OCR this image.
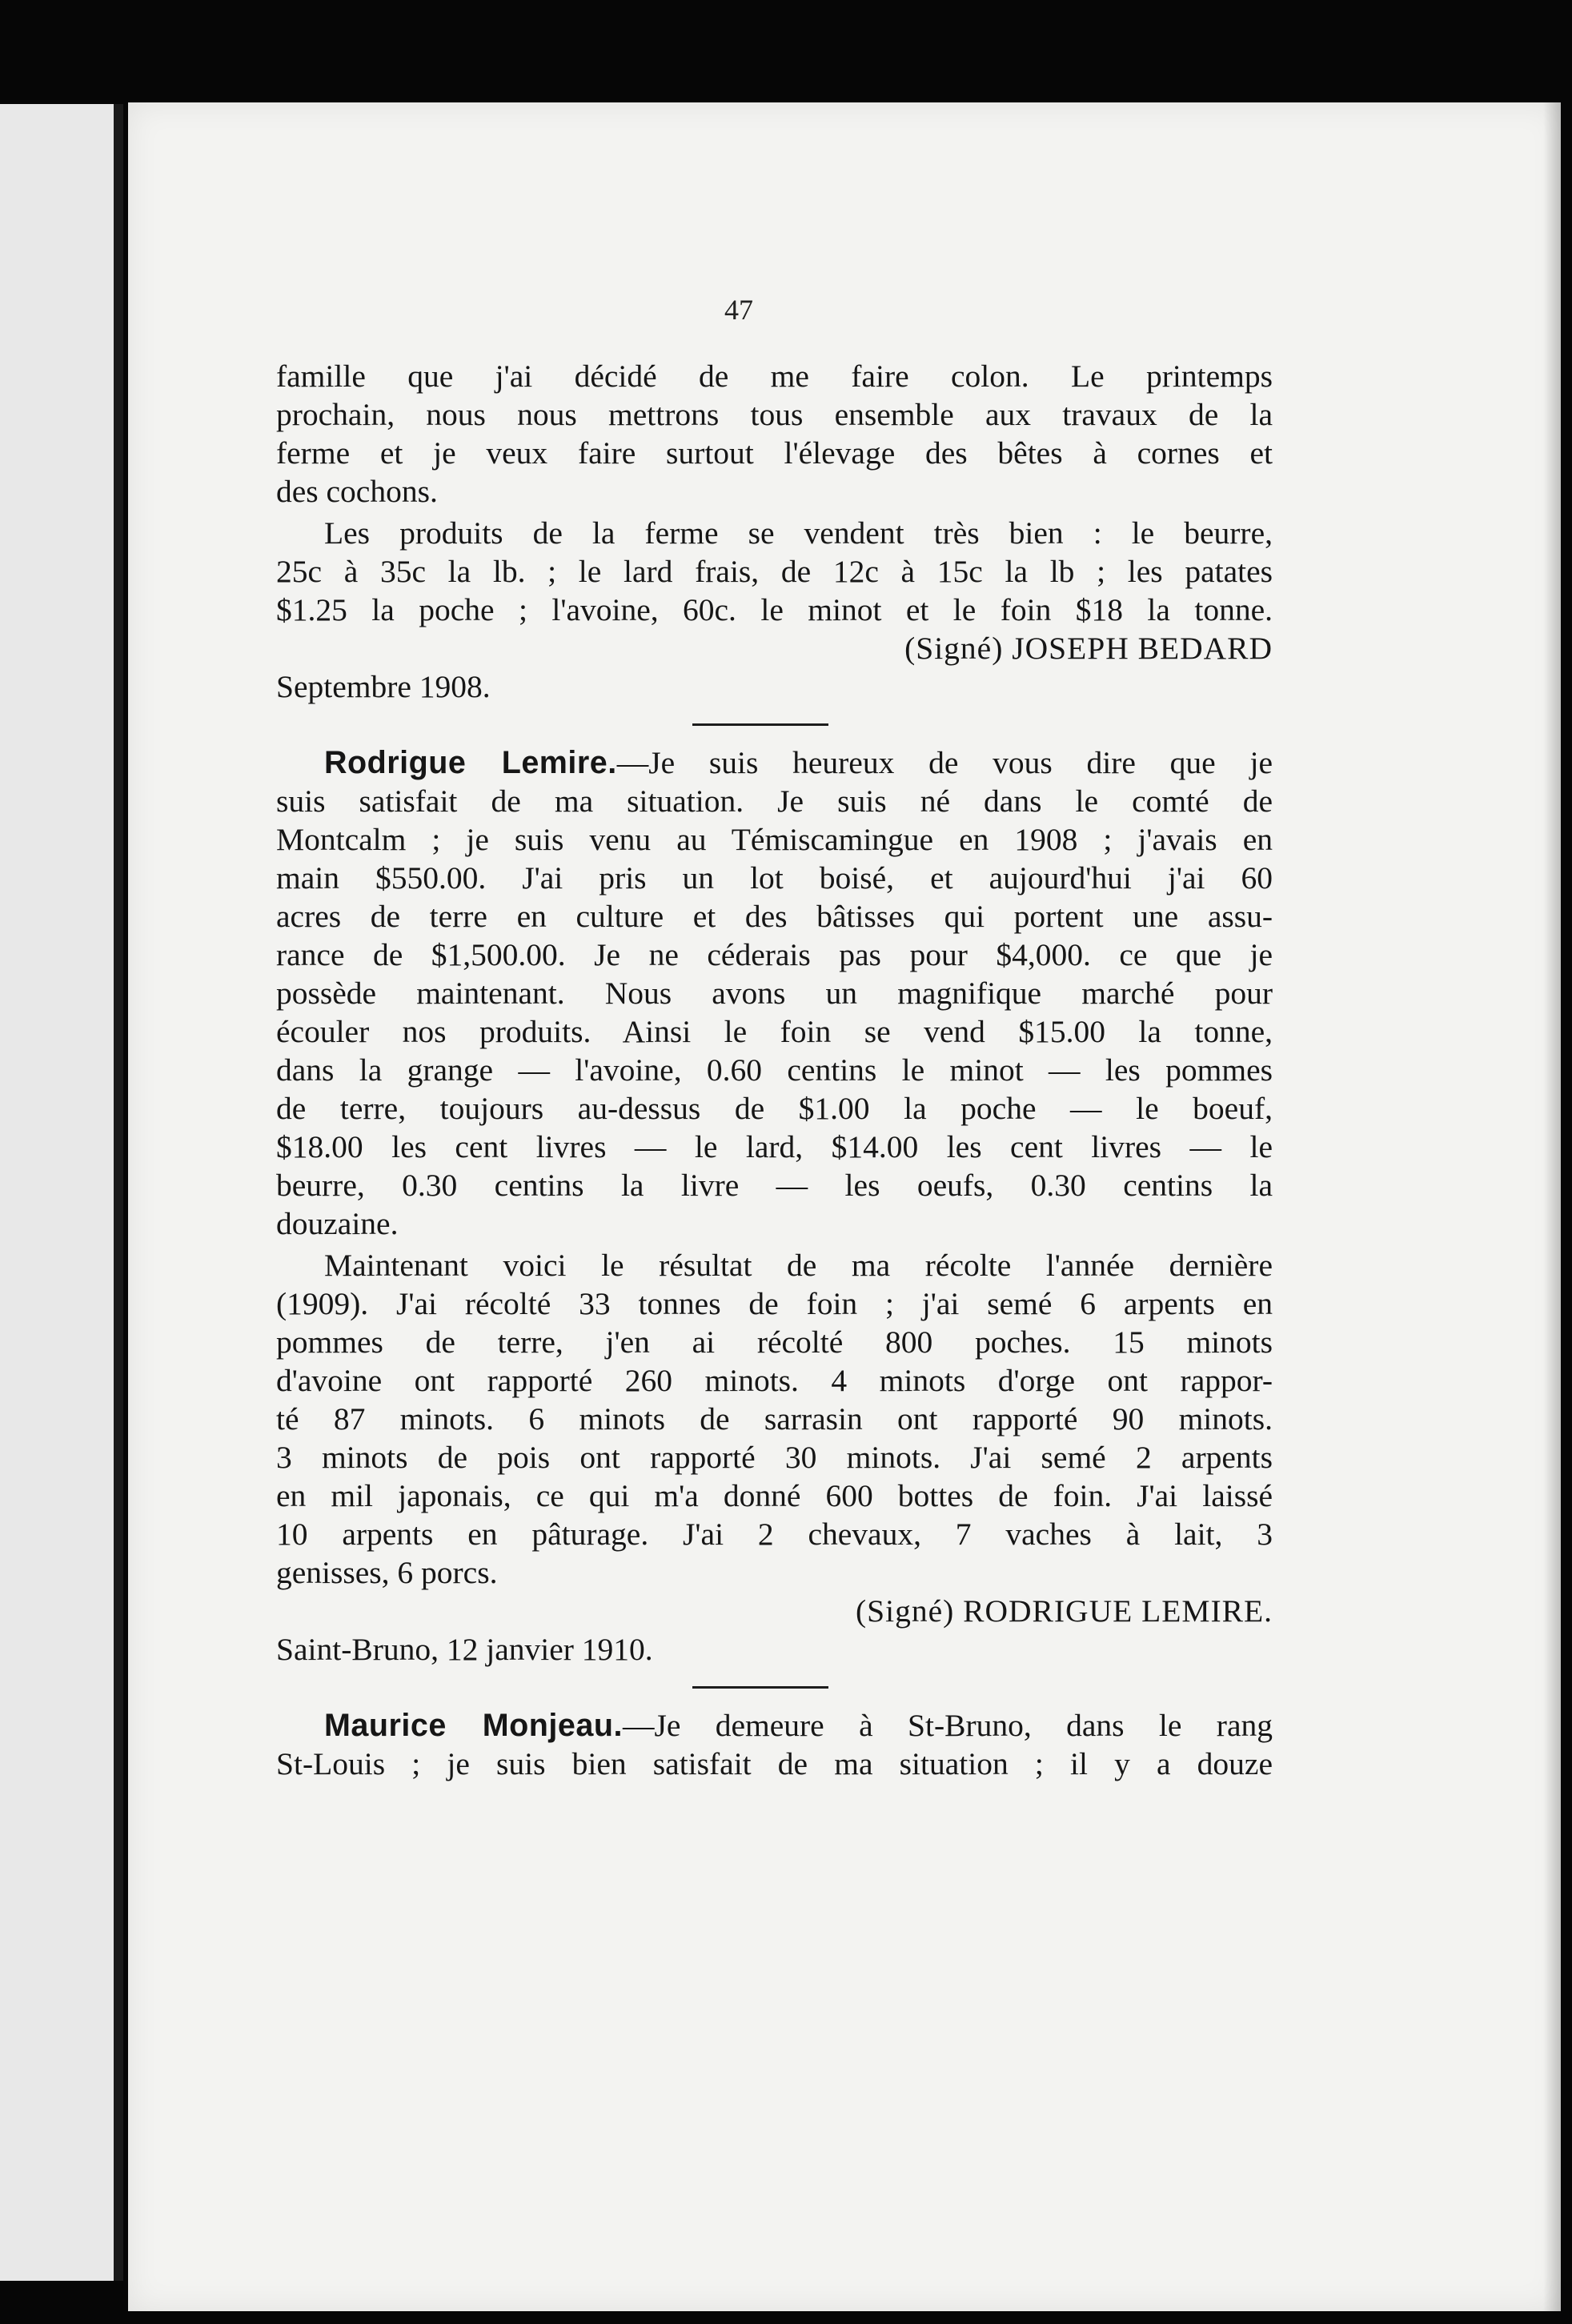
47

famille que j'ai décidé de me faire colon. Le printemps
prochain, nous nous mettrons tous ensemble aux travaux de la
ferme et je veux faire surtout l'élevage des bêtes à cornes et
des cochons.

Les produits de la ferme se vendent très bien : le beurre,
25c à 35c la lb. ; le lard frais, de 12c à 15c la lb ; les patates
$1.25 la poche ; l'avoine, 60c. le minot et le foin $18 la tonne.
(Signé) JOSEPH BEDARD
Septembre 1908.

Rodrigue Lemire.—Je suis heureux de vous dire que je
suis satisfait de ma situation. Je suis né dans le comté de
Montcalm ; je suis venu au Témiscamingue en 1908 ; j'avais en
main $550.00. J'ai pris un lot boisé, et aujourd'hui j'ai 60
acres de terre en culture et des bâtisses qui portent une assu-
rance de $1,500.00. Je ne céderais pas pour $4,000. ce que je
possède maintenant. Nous avons un magnifique marché pour
écouler nos produits. Ainsi le foin se vend $15.00 la tonne,
dans la grange — l'avoine, 0.60 centins le minot — les pommes
de terre, toujours au-dessus de $1.00 la poche — le boeuf,
$18.00 les cent livres — le lard, $14.00 les cent livres — le
beurre, 0.30 centins la livre — les oeufs, 0.30 centins la
douzaine.

Maintenant voici le résultat de ma récolte l'année dernière
(1909). J'ai récolté 33 tonnes de foin ; j'ai semé 6 arpents en
pommes de terre, j'en ai récolté 800 poches. 15 minots
d'avoine ont rapporté 260 minots. 4 minots d'orge ont rappor-
té 87 minots. 6 minots de sarrasin ont rapporté 90 minots.
3 minots de pois ont rapporté 30 minots. J'ai semé 2 arpents
en mil japonais, ce qui m'a donné 600 bottes de foin. J'ai laissé
10 arpents en pâturage. J'ai 2 chevaux, 7 vaches à lait, 3
genisses, 6 porcs.
(Signé) RODRIGUE LEMIRE.
Saint-Bruno, 12 janvier 1910.

Maurice Monjeau.—Je demeure à St-Bruno, dans le rang
St-Louis ; je suis bien satisfait de ma situation ; il y a douze
